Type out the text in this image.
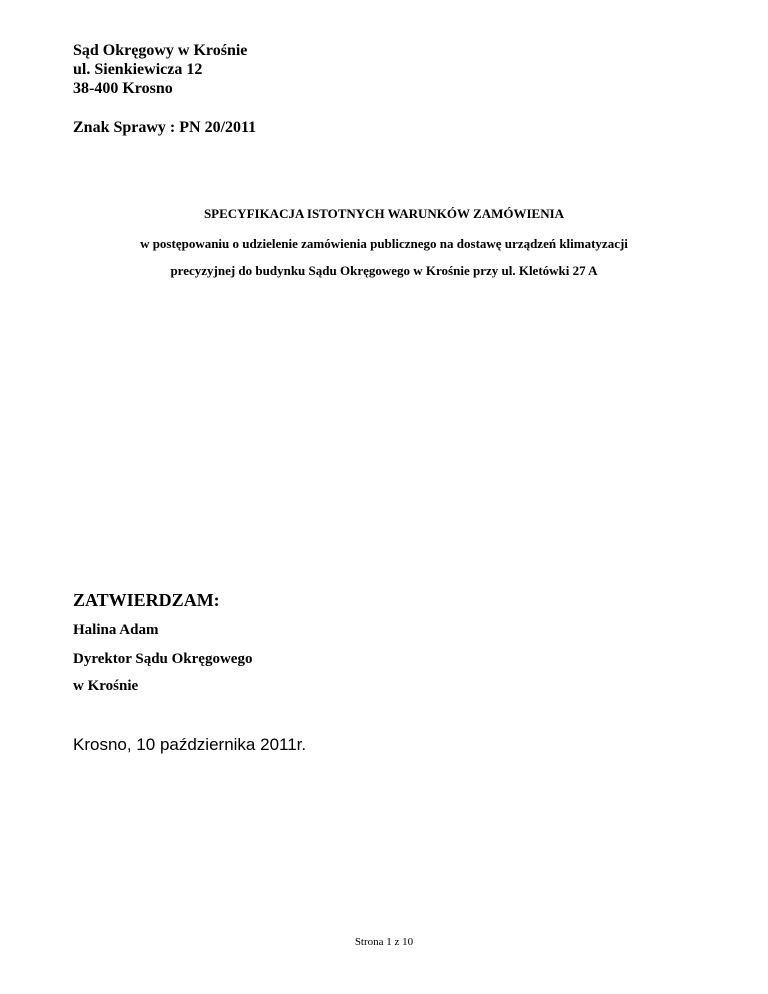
Sąd Okręgowy w Krośnie
ul. Sienkiewicza 12
38-400 Krosno
Znak Sprawy : PN 20/2011
SPECYFIKACJA ISTOTNYCH WARUNKÓW ZAMÓWIENIA
w postępowaniu o udzielenie zamówienia publicznego na dostawę urządzeń klimatyzacji
precyzyjnej do budynku Sądu Okręgowego w Krośnie przy ul. Kletówki 27 A
ZATWIERDZAM:
Halina Adam
Dyrektor Sądu Okręgowego
w Krośnie
Krosno, 10 października 2011r.
Strona 1 z 10
